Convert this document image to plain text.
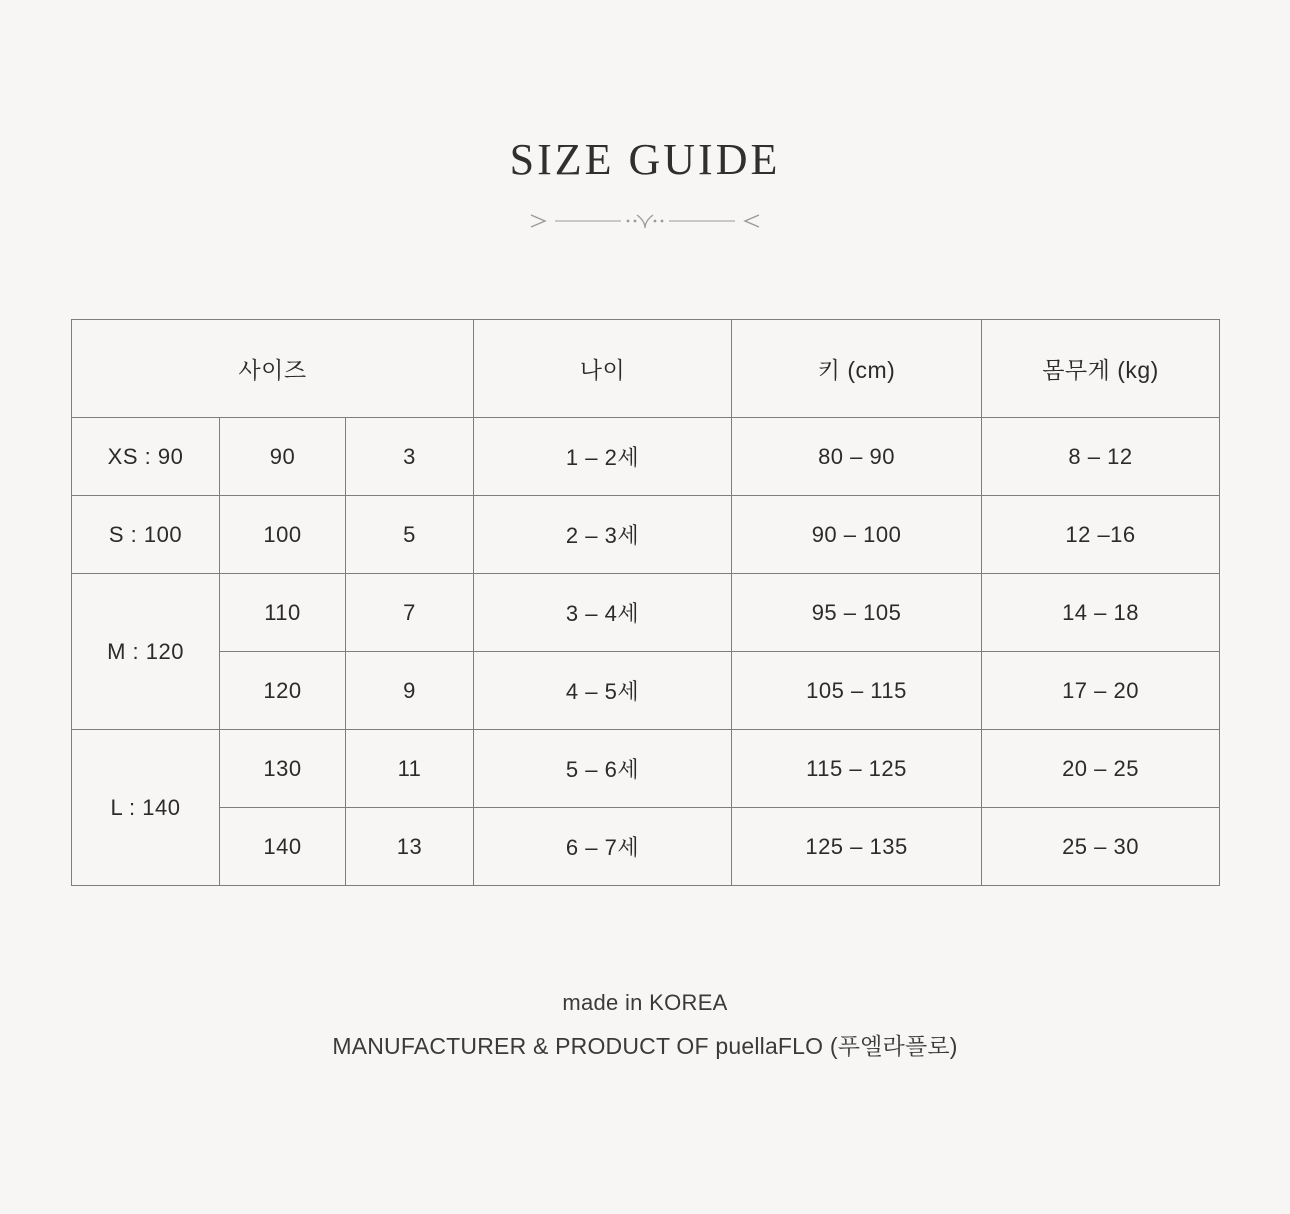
SIZE GUIDE
사이즈			나이	키 (cm)	몸무게 (kg)
XS : 90	90	3	1 – 2세	80 – 90	8 – 12
S : 100	100	5	2 – 3세	90 – 100	12 –16
M : 120	110	7	3 – 4세	95 – 105	14 – 18
	120	9	4 – 5세	105 – 115	17 – 20
L : 140	130	11	5 – 6세	115 – 125	20 – 25
	140	13	6 – 7세	125 – 135	25 – 30
made in KOREA
MANUFACTURER & PRODUCT OF puellaFLO (푸엘라플로)
